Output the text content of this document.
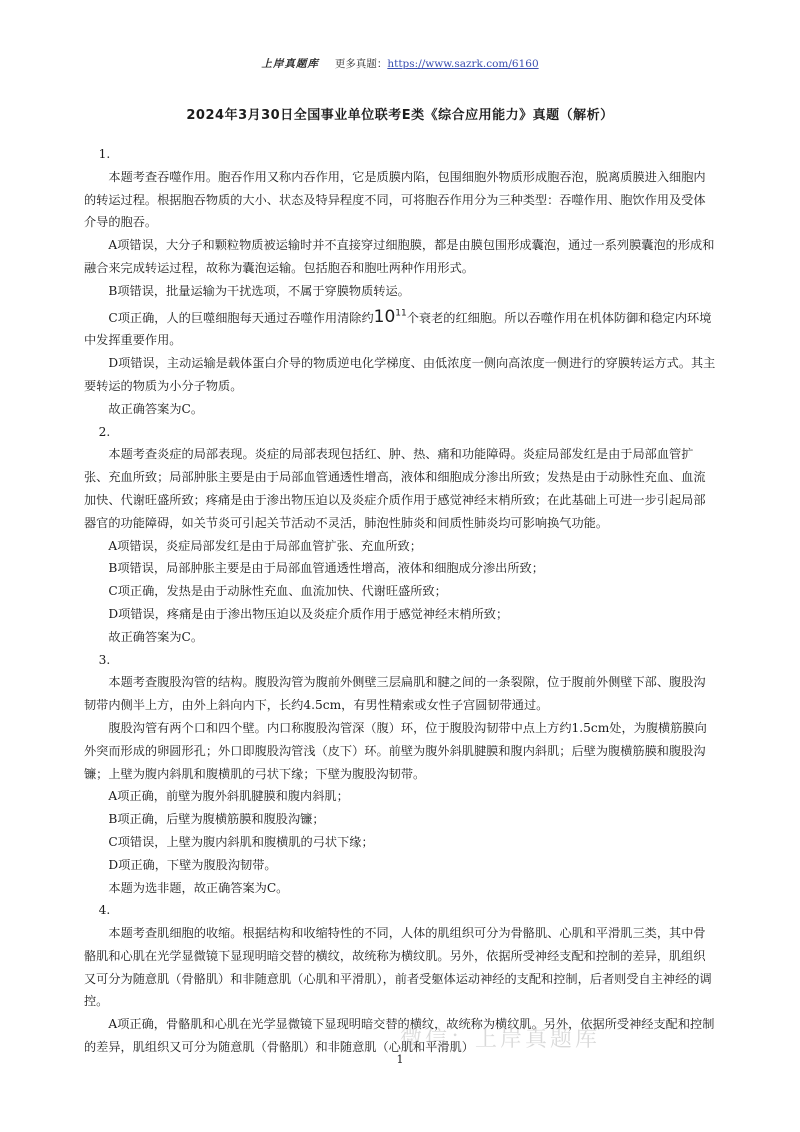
上岸真题库 更多真题：https://www.sazrk.com/6160
2024年3月30日全国事业单位联考E类《综合应用能力》真题（解析）

1.

本题考查吞噬作用。胞吞作用又称内吞作用，它是质膜内陷，包围细胞外物质形成胞吞泡，脱离质膜进入细胞内的转运过程。根据胞吞物质的大小、状态及特异程度不同，可将胞吞作用分为三种类型：吞噬作用、胞饮作用及受体介导的胞吞。

A项错误，大分子和颗粒物质被运输时并不直接穿过细胞膜，都是由膜包围形成囊泡，通过一系列膜囊泡的形成和融合来完成转运过程，故称为囊泡运输。包括胞吞和胞吐两种作用形式。

B项错误，批量运输为干扰选项，不属于穿膜物质转运。

C项正确，人的巨噬细胞每天通过吞噬作用清除约$10^{11}$个衰老的红细胞。所以吞噬作用在机体防御和稳定内环境中发挥重要作用。

D项错误，主动运输是载体蛋白介导的物质逆电化学梯度、由低浓度一侧向高浓度一侧进行的穿膜转运方式。其主要转运的物质为小分子物质。

故正确答案为C。

2.

本题考查炎症的局部表现。炎症的局部表现包括红、肿、热、痛和功能障碍。炎症局部发红是由于局部血管扩张、充血所致；局部肿胀主要是由于局部血管通透性增高，液体和细胞成分渗出所致；发热是由于动脉性充血、血流加快、代谢旺盛所致；疼痛是由于渗出物压迫以及炎症介质作用于感觉神经末梢所致；在此基础上可进一步引起局部器官的功能障碍，如关节炎可引起关节活动不灵活，肺泡性肺炎和间质性肺炎均可影响换气功能。

A项错误，炎症局部发红是由于局部血管扩张、充血所致；

B项错误，局部肿胀主要是由于局部血管通透性增高，液体和细胞成分渗出所致；

C项正确，发热是由于动脉性充血、血流加快、代谢旺盛所致；

D项错误，疼痛是由于渗出物压迫以及炎症介质作用于感觉神经末梢所致；

故正确答案为C。

3.

本题考查腹股沟管的结构。腹股沟管为腹前外侧壁三层扁肌和腱之间的一条裂隙，位于腹前外侧壁下部、腹股沟韧带内侧半上方，由外上斜向内下，长约4.5cm，有男性精索或女性子宫圆韧带通过。

腹股沟管有两个口和四个壁。内口称腹股沟管深（腹）环，位于腹股沟韧带中点上方约1.5cm处，为腹横筋膜向外突而形成的卵圆形孔；外口即腹股沟管浅（皮下）环。前壁为腹外斜肌腱膜和腹内斜肌；后壁为腹横筋膜和腹股沟镰；上壁为腹内斜肌和腹横肌的弓状下缘；下壁为腹股沟韧带。

A项正确，前壁为腹外斜肌腱膜和腹内斜肌；

B项正确，后壁为腹横筋膜和腹股沟镰；

C项错误，上壁为腹内斜肌和腹横肌的弓状下缘；

D项正确，下壁为腹股沟韧带。

本题为选非题，故正确答案为C。

4.

本题考查肌细胞的收缩。根据结构和收缩特性的不同，人体的肌组织可分为骨骼肌、心肌和平滑肌三类，其中骨骼肌和心肌在光学显微镜下显现明暗交替的横纹，故统称为横纹肌。另外，依据所受神经支配和控制的差异，肌组织又可分为随意肌（骨骼肌）和非随意肌（心肌和平滑肌），前者受躯体运动神经的支配和控制，后者则受自主神经的调控。

A项正确，骨骼肌和心肌在光学显微镜下显现明暗交替的横纹，故统称为横纹肌。另外，依据所受神经支配和控制的差异，肌组织又可分为随意肌（骨骼肌）和非随意肌（心肌和平滑肌）

微信：上岸真题库
1
